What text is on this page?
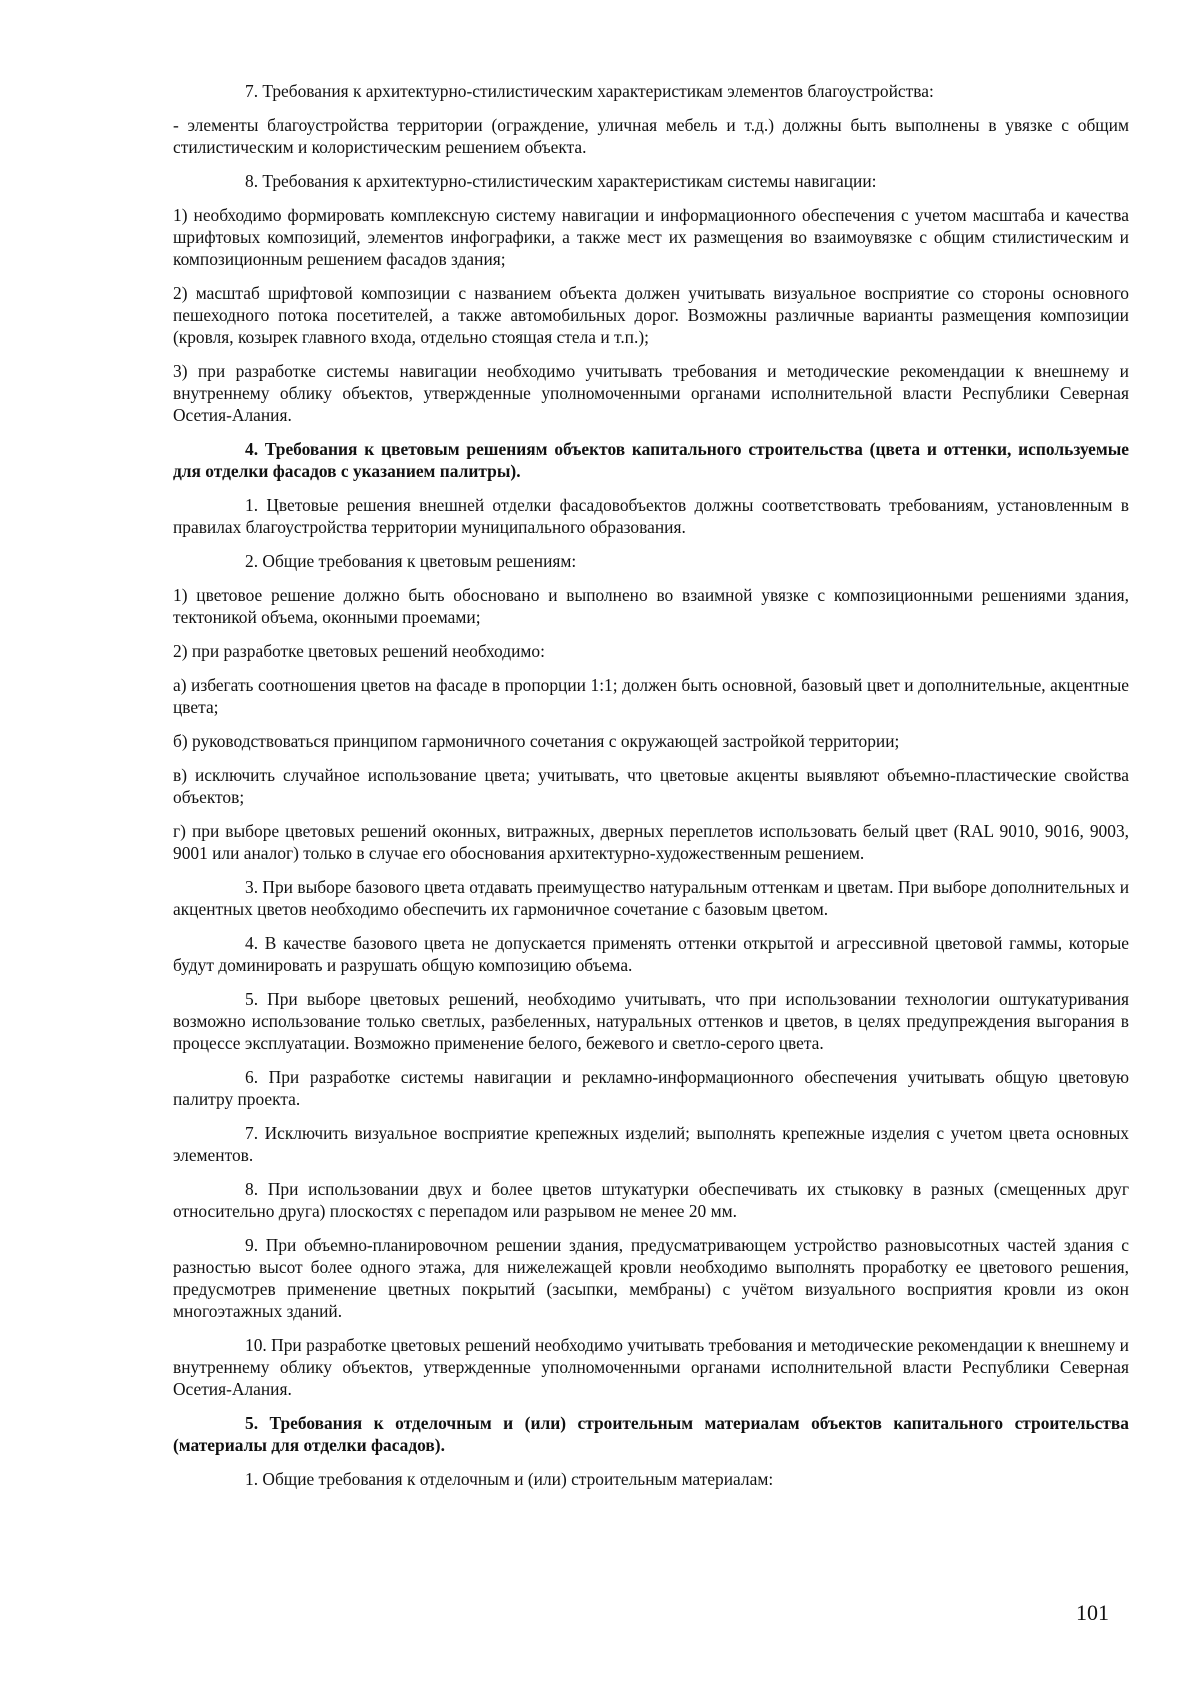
7. Требования к архитектурно-стилистическим характеристикам элементов благоустройства:

- элементы благоустройства территории (ограждение, уличная мебель и т.д.) должны быть выполнены в увязке с общим стилистическим и колористическим решением объекта.

8. Требования к архитектурно-стилистическим характеристикам системы навигации:

1) необходимо формировать комплексную систему навигации и информационного обеспечения с учетом масштаба и качества шрифтовых композиций, элементов инфографики, а также мест их размещения во взаимоувязке с общим стилистическим и композиционным решением фасадов здания;

2) масштаб шрифтовой композиции с названием объекта должен учитывать визуальное восприятие со стороны основного пешеходного потока посетителей, а также автомобильных дорог. Возможны различные варианты размещения композиции (кровля, козырек главного входа, отдельно стоящая стела и т.п.);

3) при разработке системы навигации необходимо учитывать требования и методические рекомендации к внешнему и внутреннему облику объектов, утвержденные уполномоченными органами исполнительной власти Республики Северная Осетия-Алания.

4. Требования к цветовым решениям объектов капитального строительства (цвета и оттенки, используемые для отделки фасадов с указанием палитры).

1. Цветовые решения внешней отделки фасадовобъектов должны соответствовать требованиям, установленным в правилах благоустройства территории муниципального образования.

2. Общие требования к цветовым решениям:

1) цветовое решение должно быть обосновано и выполнено во взаимной увязке с композиционными решениями здания, тектоникой объема, оконными проемами;

2) при разработке цветовых решений необходимо:

а) избегать соотношения цветов на фасаде в пропорции 1:1; должен быть основной, базовый цвет и дополнительные, акцентные цвета;

б) руководствоваться принципом гармоничного сочетания с окружающей застройкой территории;

в) исключить случайное использование цвета; учитывать, что цветовые акценты выявляют объемно-пластические свойства объектов;

г) при выборе цветовых решений оконных, витражных, дверных переплетов использовать белый цвет (RAL 9010, 9016, 9003, 9001 или аналог) только в случае его обоснования архитектурно-художественным решением.

3. При выборе базового цвета отдавать преимущество натуральным оттенкам и цветам. При выборе дополнительных и акцентных цветов необходимо обеспечить их гармоничное сочетание с базовым цветом.

4. В качестве базового цвета не допускается применять оттенки открытой и агрессивной цветовой гаммы, которые будут доминировать и разрушать общую композицию объема.

5. При выборе цветовых решений, необходимо учитывать, что при использовании технологии оштукатуривания возможно использование только светлых, разбеленных, натуральных оттенков и цветов, в целях предупреждения выгорания в процессе эксплуатации. Возможно применение белого, бежевого и светло-серого цвета.

6. При разработке системы навигации и рекламно-информационного обеспечения учитывать общую цветовую палитру проекта.

7. Исключить визуальное восприятие крепежных изделий; выполнять крепежные изделия с учетом цвета основных элементов.

8. При использовании двух и более цветов штукатурки обеспечивать их стыковку в разных (смещенных друг относительно друга) плоскостях с перепадом или разрывом не менее 20 мм.

9. При объемно-планировочном решении здания, предусматривающем устройство разновысотных частей здания с разностью высот более одного этажа, для нижележащей кровли необходимо выполнять проработку ее цветового решения, предусмотрев применение цветных покрытий (засыпки, мембраны) с учётом визуального восприятия кровли из окон многоэтажных зданий.

10. При разработке цветовых решений необходимо учитывать требования и методические рекомендации к внешнему и внутреннему облику объектов, утвержденные уполномоченными органами исполнительной власти Республики Северная Осетия-Алания.

5. Требования к отделочным и (или) строительным материалам объектов капитального строительства (материалы для отделки фасадов).

1. Общие требования к отделочным и (или) строительным материалам:

101
